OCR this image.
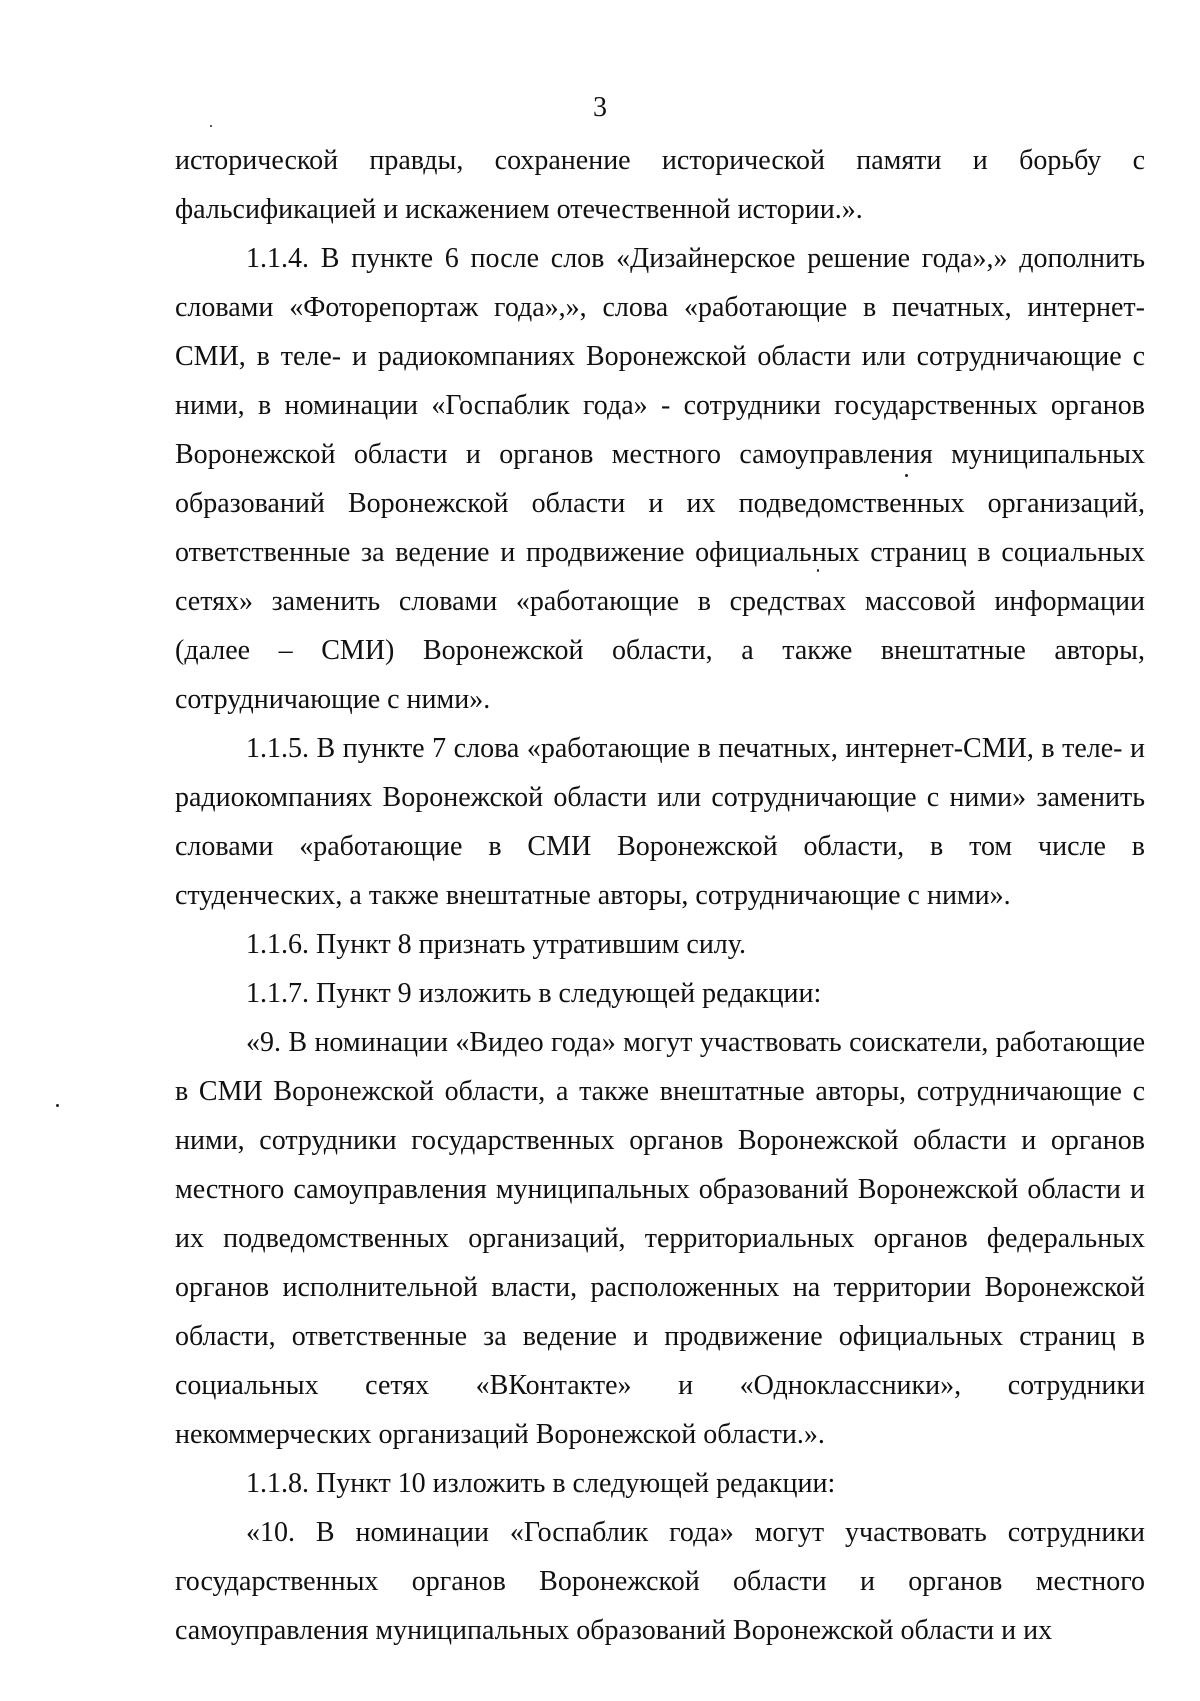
3

исторической правды, сохранение исторической памяти и борьбу с фальсификацией и искажением отечественной истории.».

1.1.4. В пункте 6 после слов «Дизайнерское решение года»,» дополнить словами «Фоторепортаж года»,», слова «работающие в печатных, интернет-СМИ, в теле- и радиокомпаниях Воронежской области или сотрудничающие с ними, в номинации «Госпаблик года» - сотрудники государственных органов Воронежской области и органов местного самоуправления муниципальных образований Воронежской области и их подведомственных организаций, ответственные за ведение и продвижение официальных страниц в социальных сетях» заменить словами «работающие в средствах массовой информации (далее – СМИ) Воронежской области, а также внештатные авторы, сотрудничающие с ними».

1.1.5. В пункте 7 слова «работающие в печатных, интернет-СМИ, в теле- и радиокомпаниях Воронежской области или сотрудничающие с ними» заменить словами «работающие в СМИ Воронежской области, в том числе в студенческих, а также внештатные авторы, сотрудничающие с ними».

1.1.6. Пункт 8 признать утратившим силу.

1.1.7. Пункт 9 изложить в следующей редакции:

«9. В номинации «Видео года» могут участвовать соискатели, работающие в СМИ Воронежской области, а также внештатные авторы, сотрудничающие с ними, сотрудники государственных органов Воронежской области и органов местного самоуправления муниципальных образований Воронежской области и их подведомственных организаций, территориальных органов федеральных органов исполнительной власти, расположенных на территории Воронежской области, ответственные за ведение и продвижение официальных страниц в социальных сетях «ВКонтакте» и «Одноклассники», сотрудники некоммерческих организаций Воронежской области.».

1.1.8. Пункт 10 изложить в следующей редакции:

«10. В номинации «Госпаблик года» могут участвовать сотрудники государственных органов Воронежской области и органов местного самоуправления муниципальных образований Воронежской области и их
